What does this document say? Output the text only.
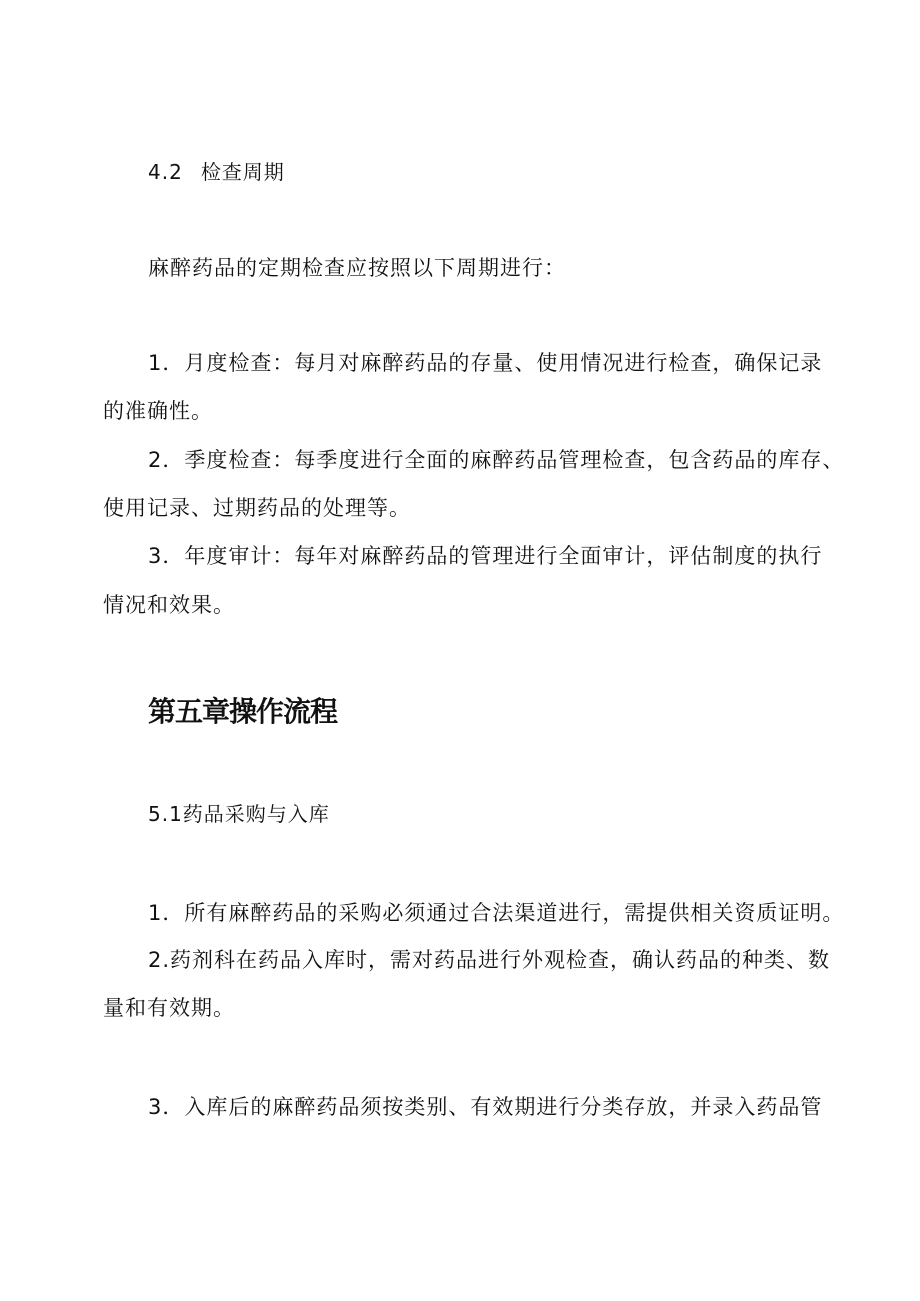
4.2 检查周期
麻醉药品的定期检查应按照以下周期进行：
1．月度检查：每月对麻醉药品的存量、使用情况进行检查，确保记录
的准确性。
2．季度检查：每季度进行全面的麻醉药品管理检查，包含药品的库存、
使用记录、过期药品的处理等。
3．年度审计：每年对麻醉药品的管理进行全面审计，评估制度的执行
情况和效果。
第五章操作流程
5.1药品采购与入库
1．所有麻醉药品的采购必须通过合法渠道进行，需提供相关资质证明。
2.药剂科在药品入库时，需对药品进行外观检查，确认药品的种类、数
量和有效期。
3．入库后的麻醉药品须按类别、有效期进行分类存放，并录入药品管
